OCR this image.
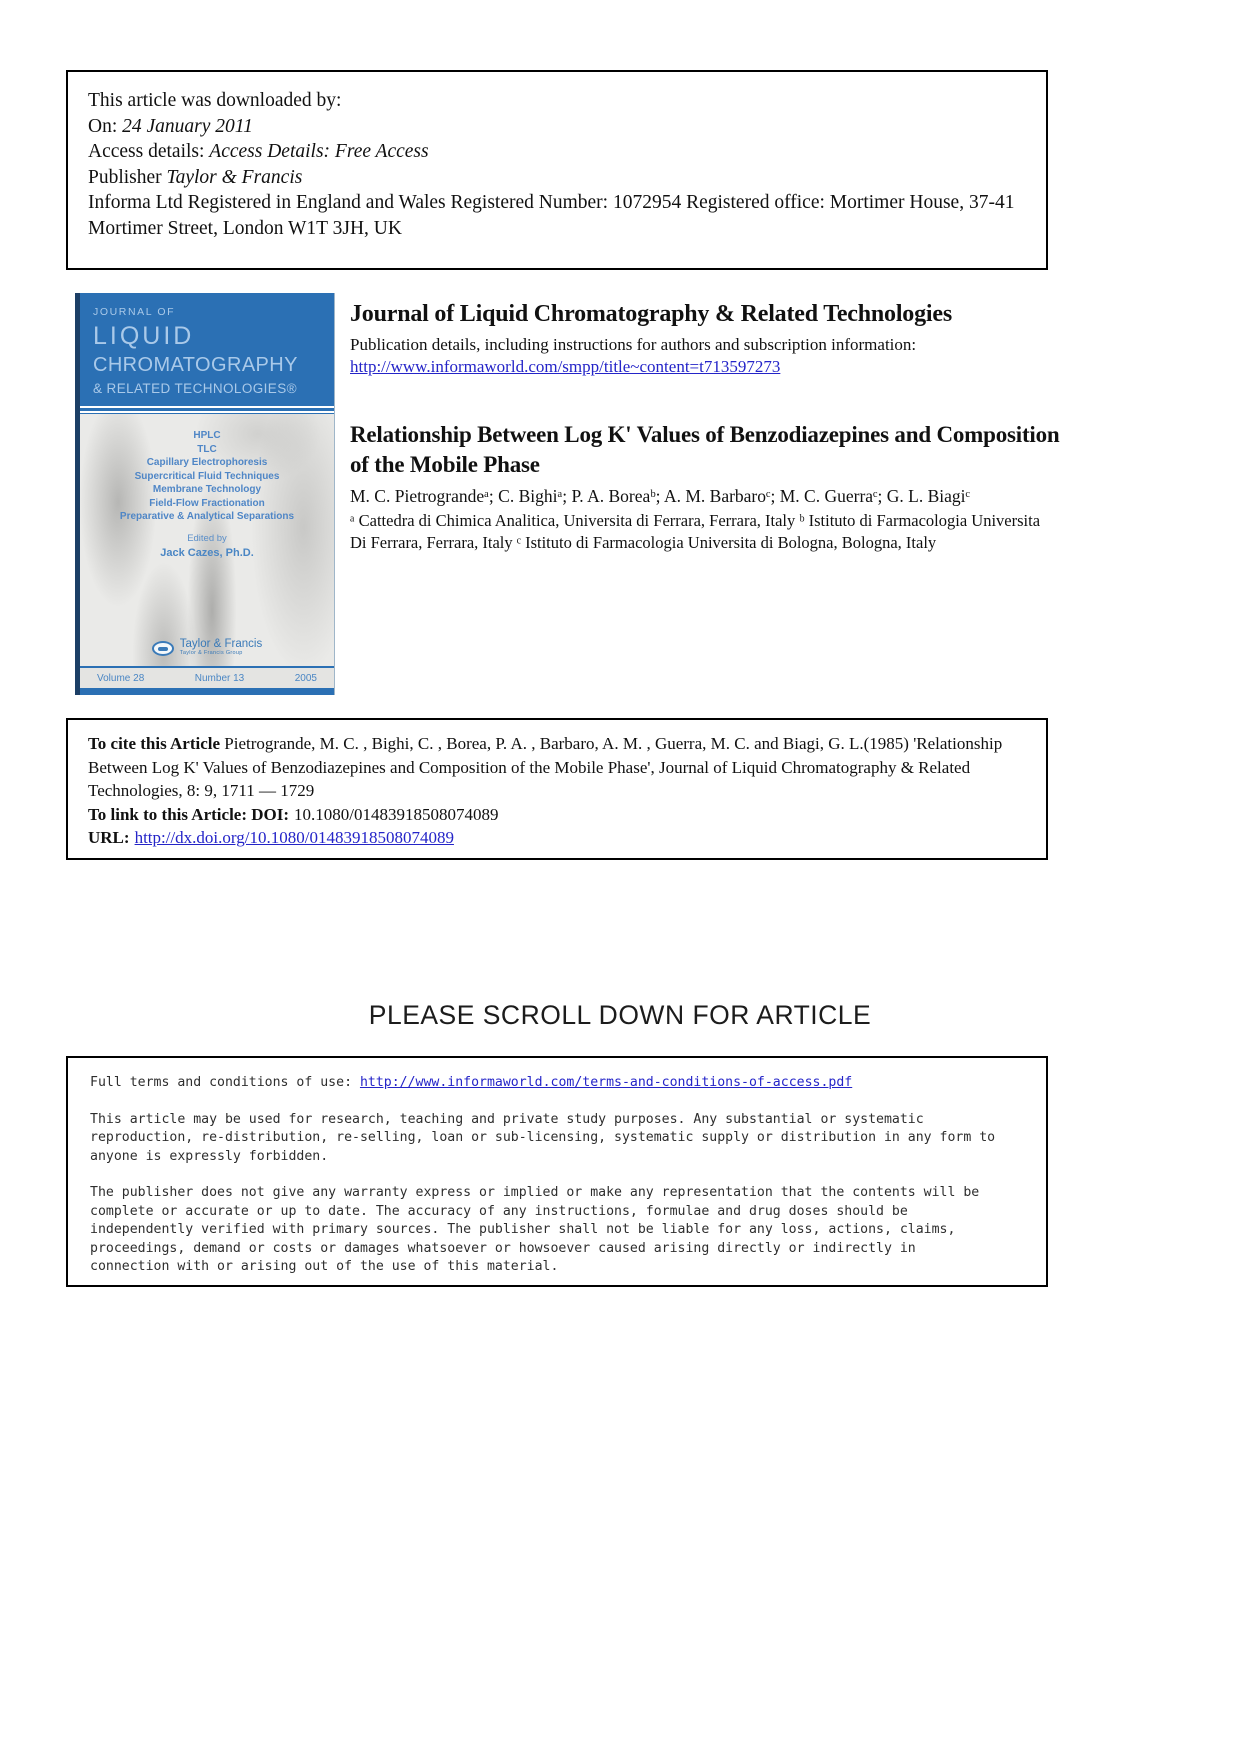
This article was downloaded by:
On: 24 January 2011
Access details: Access Details: Free Access
Publisher Taylor & Francis
Informa Ltd Registered in England and Wales Registered Number: 1072954 Registered office: Mortimer House, 37-41 Mortimer Street, London W1T 3JH, UK
JOURNAL OF
LIQUID
CHROMATOGRAPHY
& RELATED TECHNOLOGIES®
HPLC
TLC
Capillary Electrophoresis
Supercritical Fluid Techniques
Membrane Technology
Field-Flow Fractionation
Preparative & Analytical Separations
Edited by
Jack Cazes, Ph.D.
Taylor & Francis
Taylor & Francis Group
Volume 28	Number 13	2005
Journal of Liquid Chromatography & Related Technologies
Publication details, including instructions for authors and subscription information:
http://www.informaworld.com/smpp/title~content=t713597273
Relationship Between Log K' Values of Benzodiazepines and Composition
of the Mobile Phase
M. C. Pietrograndeᵃ; C. Bighiᵃ; P. A. Boreaᵇ; A. M. Barbaroᶜ; M. C. Guerraᶜ; G. L. Biagiᶜ
ᵃ Cattedra di Chimica Analitica, Universita di Ferrara, Ferrara, Italy ᵇ Istituto di Farmacologia Universita Di Ferrara, Ferrara, Italy ᶜ Istituto di Farmacologia Universita di Bologna, Bologna, Italy
To cite this Article Pietrogrande, M. C. , Bighi, C. , Borea, P. A. , Barbaro, A. M. , Guerra, M. C. and Biagi, G. L.(1985) 'Relationship Between Log K' Values of Benzodiazepines and Composition of the Mobile Phase', Journal of Liquid Chromatography & Related Technologies, 8: 9, 1711 — 1729
To link to this Article: DOI: 10.1080/01483918508074089
URL: http://dx.doi.org/10.1080/01483918508074089
PLEASE SCROLL DOWN FOR ARTICLE
Full terms and conditions of use: http://www.informaworld.com/terms-and-conditions-of-access.pdf
This article may be used for research, teaching and private study purposes. Any substantial or systematic reproduction, re-distribution, re-selling, loan or sub-licensing, systematic supply or distribution in any form to anyone is expressly forbidden.
The publisher does not give any warranty express or implied or make any representation that the contents will be complete or accurate or up to date. The accuracy of any instructions, formulae and drug doses should be independently verified with primary sources. The publisher shall not be liable for any loss, actions, claims, proceedings, demand or costs or damages whatsoever or howsoever caused arising directly or indirectly in connection with or arising out of the use of this material.
